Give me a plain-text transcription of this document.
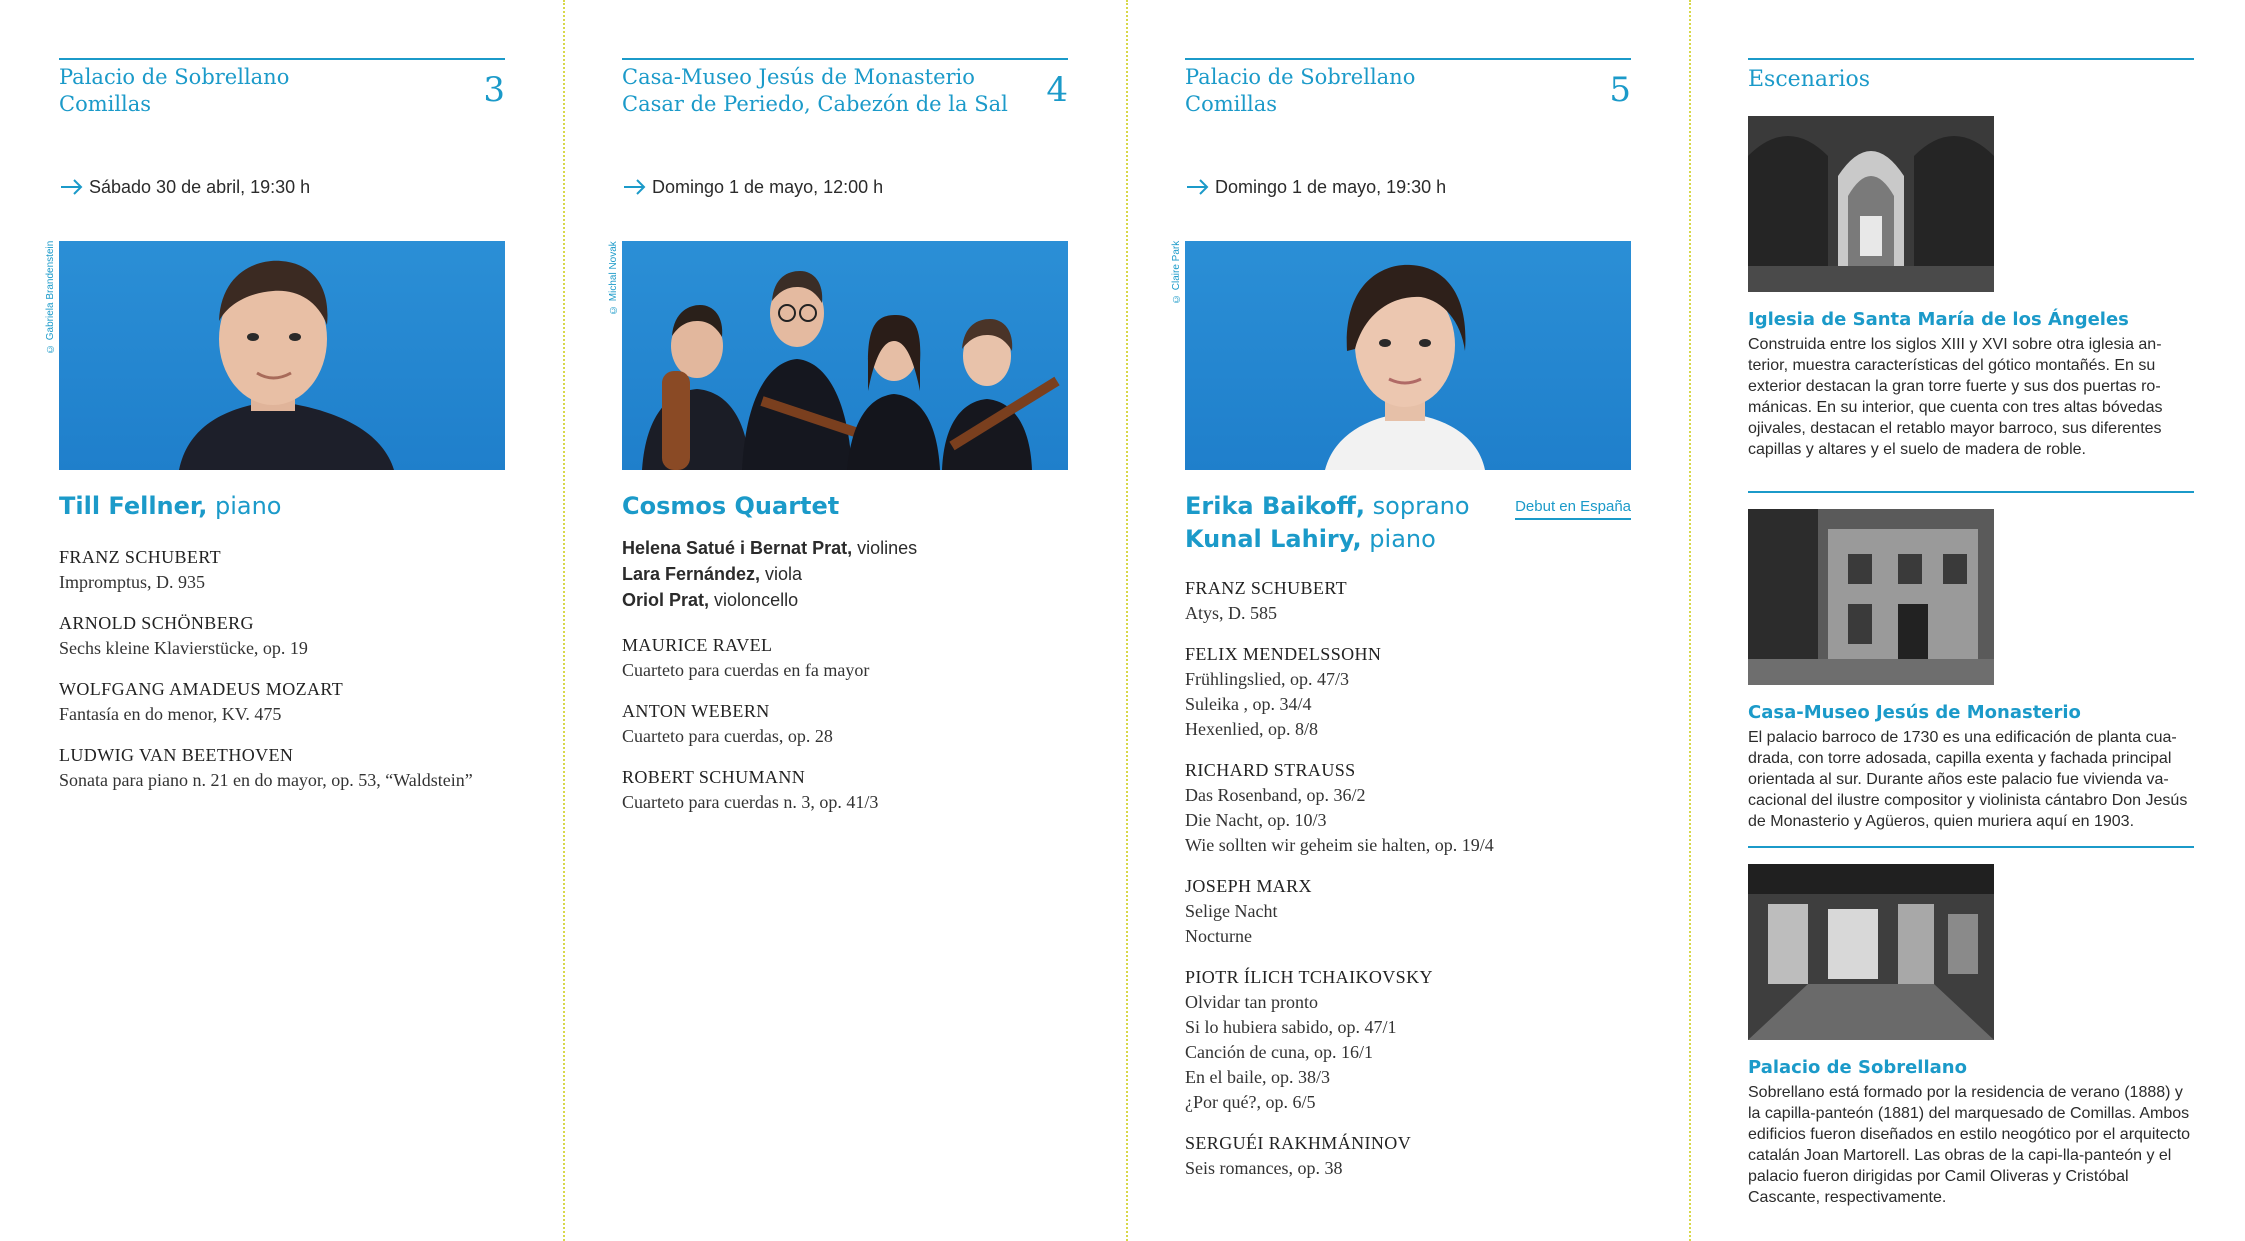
Palacio de Sobrellano
Comillas	3
Sábado 30 de abril, 19:30 h
© Gabriela Brandenstein
Till Fellner, piano
FRANZ SCHUBERT
Impromptus, D. 935
ARNOLD SCHÖNBERG
Sechs kleine Klavierstücke, op. 19
WOLFGANG AMADEUS MOZART
Fantasía en do menor, KV. 475
LUDWIG VAN BEETHOVEN
Sonata para piano n. 21 en do mayor, op. 53, “Waldstein”
Casa-Museo Jesús de Monasterio
Casar de Periedo, Cabezón de la Sal	4
Domingo 1 de mayo, 12:00 h
© Michal Novak
Cosmos Quartet
Helena Satué i Bernat Prat, violines
Lara Fernández, viola
Oriol Prat, violoncello
MAURICE RAVEL
Cuarteto para cuerdas en fa mayor
ANTON WEBERN
Cuarteto para cuerdas, op. 28
ROBERT SCHUMANN
Cuarteto para cuerdas n. 3, op. 41/3
Palacio de Sobrellano
Comillas	5
Domingo 1 de mayo, 19:30 h
© Claire Park
Debut en España
Erika Baikoff, soprano
Kunal Lahiry, piano
FRANZ SCHUBERT
Atys, D. 585
FELIX MENDELSSOHN
Frühlingslied, op. 47/3
Suleika , op. 34/4
Hexenlied, op. 8/8
RICHARD STRAUSS
Das Rosenband, op. 36/2
Die Nacht, op. 10/3
Wie sollten wir geheim sie halten, op. 19/4
JOSEPH MARX
Selige Nacht
Nocturne
PIOTR ÍLICH TCHAIKOVSKY
Olvidar tan pronto
Si lo hubiera sabido, op. 47/1
Canción de cuna, op. 16/1
En el baile, op. 38/3
¿Por qué?, op. 6/5
SERGUÉI RAKHMÁNINOV
Seis romances, op. 38
Escenarios
Iglesia de Santa María de los Ángeles
Construida entre los siglos XIII y XVI sobre otra iglesia an-terior, muestra características del gótico montañés. En su exterior destacan la gran torre fuerte y sus dos puertas ro-mánicas. En su interior, que cuenta con tres altas bóvedas ojivales, destacan el retablo mayor barroco, sus diferentes capillas y altares y el suelo de madera de roble.
Casa-Museo Jesús de Monasterio
El palacio barroco de 1730 es una edificación de planta cua-drada, con torre adosada, capilla exenta y fachada principal orientada al sur. Durante años este palacio fue vivienda va-cacional del ilustre compositor y violinista cántabro Don Jesús de Monasterio y Agüeros, quien muriera aquí en 1903.
Palacio de Sobrellano
Sobrellano está formado por la residencia de verano (1888) y la capilla-panteón (1881) del marquesado de Comillas. Ambos edificios fueron diseñados en estilo neogótico por el arquitecto catalán Joan Martorell. Las obras de la capi-lla-panteón y el palacio fueron dirigidas por Camil Oliveras y Cristóbal Cascante, respectivamente.
